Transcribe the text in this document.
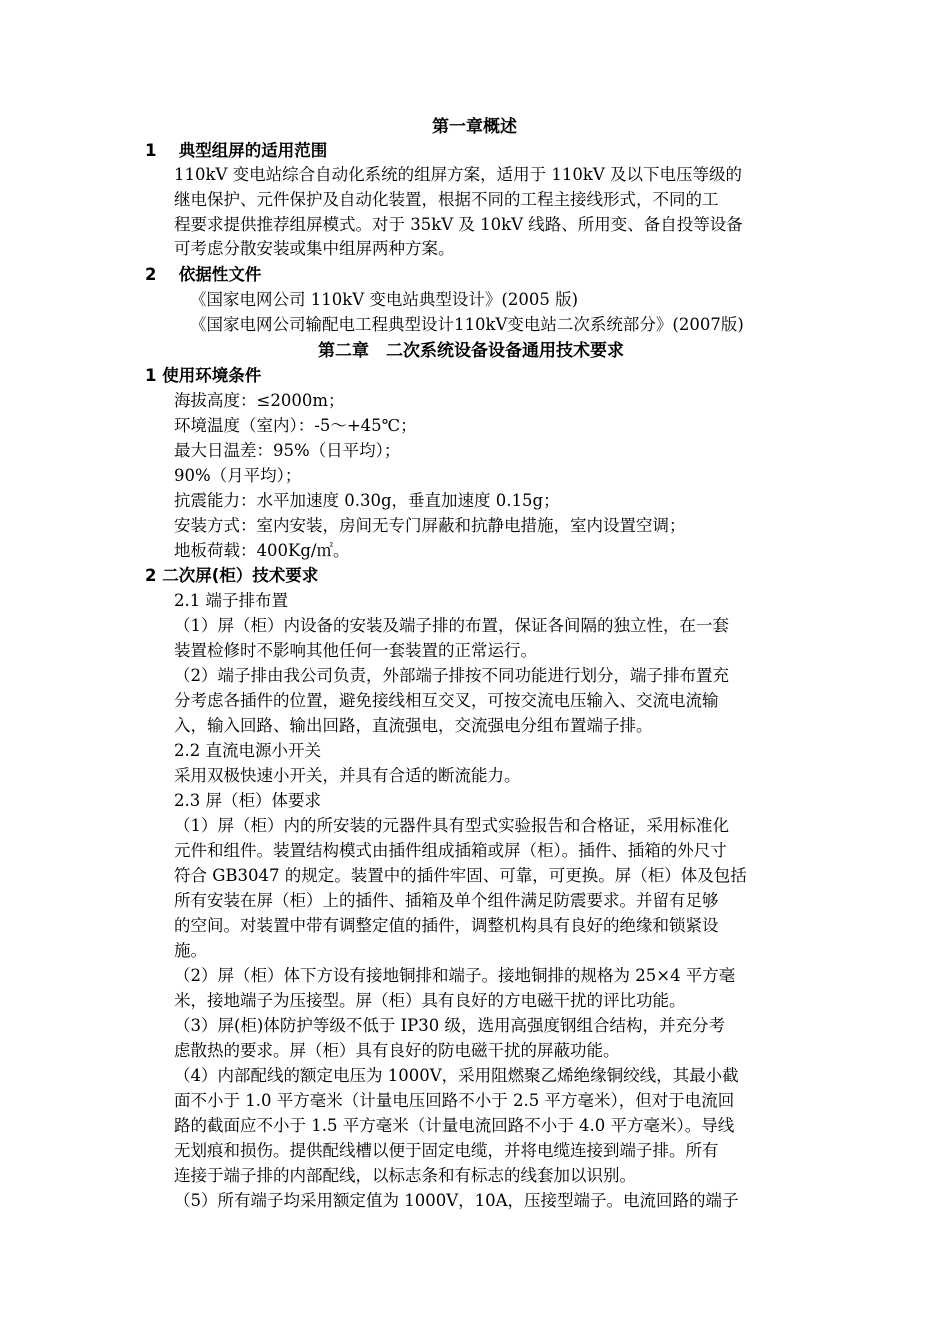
第一章概述
1　 典型组屏的适用范围
110kV 变电站综合自动化系统的组屏方案，适用于 110kV 及以下电压等级的
继电保护、元件保护及自动化装置，根据不同的工程主接线形式，不同的工
程要求提供推荐组屏模式。对于 35kV 及 10kV 线路、所用变、备自投等设备
可考虑分散安装或集中组屏两种方案。
2　 依据性文件
《国家电网公司 110kV 变电站典型设计》(2005 版)
《国家电网公司输配电工程典型设计110kV变电站二次系统部分》(2007版)
第二章　二次系统设备设备通用技术要求
1 使用环境条件
海拔高度：≤2000m；
环境温度（室内）：-5～+45℃；
最大日温差：95%（日平均）；
90%（月平均）；
抗震能力：水平加速度 0.30g，垂直加速度 0.15g；
安装方式：室内安装，房间无专门屏蔽和抗静电措施，室内设置空调；
地板荷载：400Kg/㎡。
2 二次屏(柜）技术要求
2.1 端子排布置
（1）屏（柜）内设备的安装及端子排的布置，保证各间隔的独立性，在一套
装置检修时不影响其他任何一套装置的正常运行。
（2）端子排由我公司负责，外部端子排按不同功能进行划分，端子排布置充
分考虑各插件的位置，避免接线相互交叉，可按交流电压输入、交流电流输
入，输入回路、输出回路，直流强电，交流强电分组布置端子排。
2.2 直流电源小开关
采用双极快速小开关，并具有合适的断流能力。
2.3 屏（柜）体要求
（1）屏（柜）内的所安装的元器件具有型式实验报告和合格证，采用标准化
元件和组件。装置结构模式由插件组成插箱或屏（柜）。插件、插箱的外尺寸
符合 GB3047 的规定。装置中的插件牢固、可靠，可更换。屏（柜）体及包括
所有安装在屏（柜）上的插件、插箱及单个组件满足防震要求。并留有足够
的空间。对装置中带有调整定值的插件，调整机构具有良好的绝缘和锁紧设
施。
（2）屏（柜）体下方设有接地铜排和端子。接地铜排的规格为 25×4 平方毫
米，接地端子为压接型。屏（柜）具有良好的方电磁干扰的评比功能。
（3）屏(柜)体防护等级不低于 IP30 级，选用高强度钢组合结构，并充分考
虑散热的要求。屏（柜）具有良好的防电磁干扰的屏蔽功能。
（4）内部配线的额定电压为 1000V，采用阻燃聚乙烯绝缘铜绞线，其最小截
面不小于 1.0 平方毫米（计量电压回路不小于 2.5 平方毫米），但对于电流回
路的截面应不小于 1.5 平方毫米（计量电流回路不小于 4.0 平方毫米）。导线
无划痕和损伤。提供配线槽以便于固定电缆，并将电缆连接到端子排。所有
连接于端子排的内部配线，以标志条和有标志的线套加以识别。
（5）所有端子均采用额定值为 1000V，10A，压接型端子。电流回路的端子
